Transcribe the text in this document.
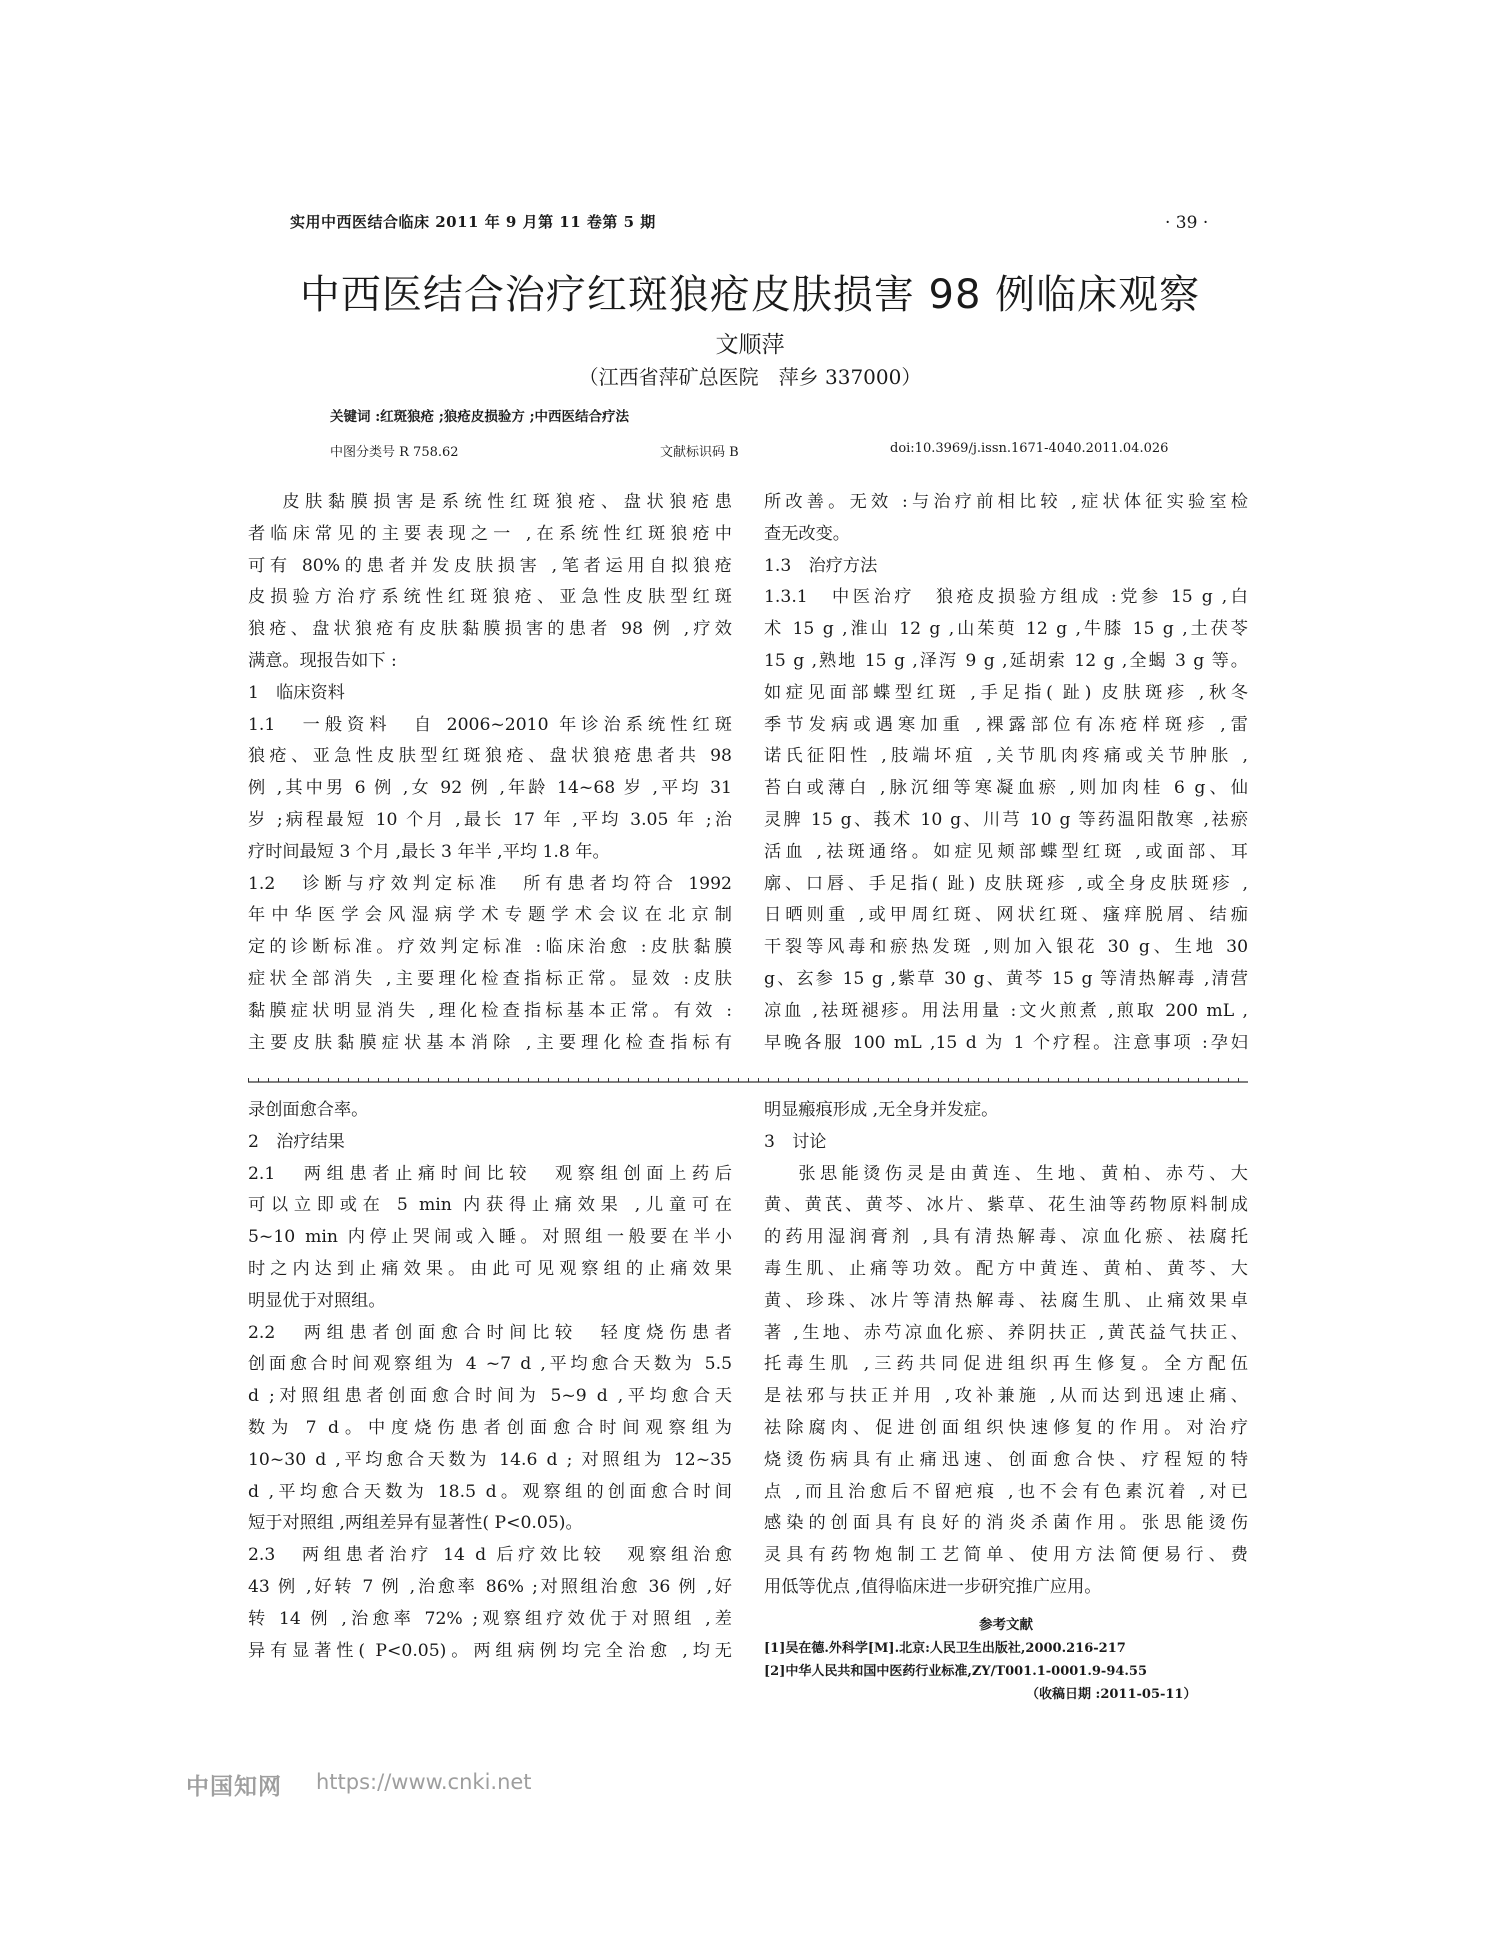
实用中西医结合临床 2011 年 9 月第 11 卷第 5 期	· 39 ·
中西医结合治疗红斑狼疮皮肤损害 98 例临床观察
文顺萍
（江西省萍矿总医院　萍乡 337000）
关键词 :红斑狼疮 ;狼疮皮损验方 ;中西医结合疗法
中图分类号 R 758.62	文献标识码 B	doi:10.3969/j.issn.1671-4040.2011.04.026

皮肤黏膜损害是系统性红斑狼疮、盘状狼疮患

者临床常见的主要表现之一 ,在系统性红斑狼疮中

可有 80%的患者并发皮肤损害 ,笔者运用自拟狼疮

皮损验方治疗系统性红斑狼疮、亚急性皮肤型红斑

狼疮、盘状狼疮有皮肤黏膜损害的患者 98 例 ,疗效

满意。现报告如下 :

1　临床资料

1.1　一般资料　自 2006~2010 年诊治系统性红斑

狼疮、亚急性皮肤型红斑狼疮、盘状狼疮患者共 98

例 ,其中男 6 例 ,女 92 例 ,年龄 14~68 岁 ,平均 31

岁 ;病程最短 10 个月 ,最长 17 年 ,平均 3.05 年 ;治

疗时间最短 3 个月 ,最长 3 年半 ,平均 1.8 年。

1.2　诊断与疗效判定标准　所有患者均符合 1992

年中华医学会风湿病学术专题学术会议在北京制

定的诊断标准。疗效判定标准 :临床治愈 :皮肤黏膜

症状全部消失 ,主要理化检查指标正常。显效 :皮肤

黏膜症状明显消失 ,理化检查指标基本正常。有效 :

主要皮肤黏膜症状基本消除 ,主要理化检查指标有

所改善。无效 :与治疗前相比较 ,症状体征实验室检

查无改变。

1.3　治疗方法

1.3.1　中医治疗　狼疮皮损验方组成 :党参 15 g ,白

术 15 g ,淮山 12 g ,山茱萸 12 g ,牛膝 15 g ,土茯苓

15 g ,熟地 15 g ,泽泻 9 g ,延胡索 12 g ,全蝎 3 g 等。

如症见面部蝶型红斑 ,手足指( 趾) 皮肤斑疹 ,秋冬

季节发病或遇寒加重 ,裸露部位有冻疮样斑疹 ,雷

诺氏征阳性 ,肢端坏疽 ,关节肌肉疼痛或关节肿胀 ,

苔白或薄白 ,脉沉细等寒凝血瘀 ,则加肉桂 6 g、仙

灵脾 15 g、莪术 10 g、川芎 10 g 等药温阳散寒 ,祛瘀

活血 ,祛斑通络。如症见颊部蝶型红斑 ,或面部、耳

廓、口唇、手足指( 趾) 皮肤斑疹 ,或全身皮肤斑疹 ,

日晒则重 ,或甲周红斑、网状红斑、瘙痒脱屑、结痂

干裂等风毒和瘀热发斑 ,则加入银花 30 g、生地 30

g、玄参 15 g ,紫草 30 g、黄芩 15 g 等清热解毒 ,清营

凉血 ,祛斑褪疹。用法用量 :文火煎煮 ,煎取 200 mL ,

早晚各服 100 mL ,15 d 为 1 个疗程。注意事项 :孕妇

录创面愈合率。

2　治疗结果

2.1　两组患者止痛时间比较　观察组创面上药后

可以立即或在 5 min 内获得止痛效果 ,儿童可在

5~10 min 内停止哭闹或入睡。对照组一般要在半小

时之内达到止痛效果。由此可见观察组的止痛效果

明显优于对照组。

2.2　两组患者创面愈合时间比较　轻度烧伤患者

创面愈合时间观察组为 4 ~7 d ,平均愈合天数为 5.5

d ;对照组患者创面愈合时间为 5~9 d ,平均愈合天

数为 7 d。中度烧伤患者创面愈合时间观察组为

10~30 d ,平均愈合天数为 14.6 d ; 对照组为 12~35

d ,平均愈合天数为 18.5 d。观察组的创面愈合时间

短于对照组 ,两组差异有显著性( P<0.05)。

2.3　两组患者治疗 14 d 后疗效比较　观察组治愈

43 例 ,好转 7 例 ,治愈率 86% ;对照组治愈 36 例 ,好

转 14 例 ,治愈率 72% ;观察组疗效优于对照组 ,差

异有显著性( P<0.05)。两组病例均完全治愈 ,均无

明显瘢痕形成 ,无全身并发症。

3　讨论

张思能烫伤灵是由黄连、生地、黄柏、赤芍、大

黄、黄芪、黄芩、冰片、紫草、花生油等药物原料制成

的药用湿润膏剂 ,具有清热解毒、凉血化瘀、祛腐托

毒生肌、止痛等功效。配方中黄连、黄柏、黄芩、大

黄、珍珠、冰片等清热解毒、祛腐生肌、止痛效果卓

著 ,生地、赤芍凉血化瘀、养阴扶正 ,黄芪益气扶正、

托毒生肌 ,三药共同促进组织再生修复。全方配伍

是祛邪与扶正并用 ,攻补兼施 ,从而达到迅速止痛、

祛除腐肉、促进创面组织快速修复的作用。对治疗

烧烫伤病具有止痛迅速、创面愈合快、疗程短的特

点 ,而且治愈后不留疤痕 ,也不会有色素沉着 ,对已

感染的创面具有良好的消炎杀菌作用。张思能烫伤

灵具有药物炮制工艺简单、使用方法简便易行、费

用低等优点 ,值得临床进一步研究推广应用。

参考文献
[1]吴在德.外科学[M].北京:人民卫生出版社,2000.216-217
[2]中华人民共和国中医药行业标准,ZY/T001.1-0001.9-94.55
（收稿日期 :2011-05-11）
中国知网 https://www.cnki.net
